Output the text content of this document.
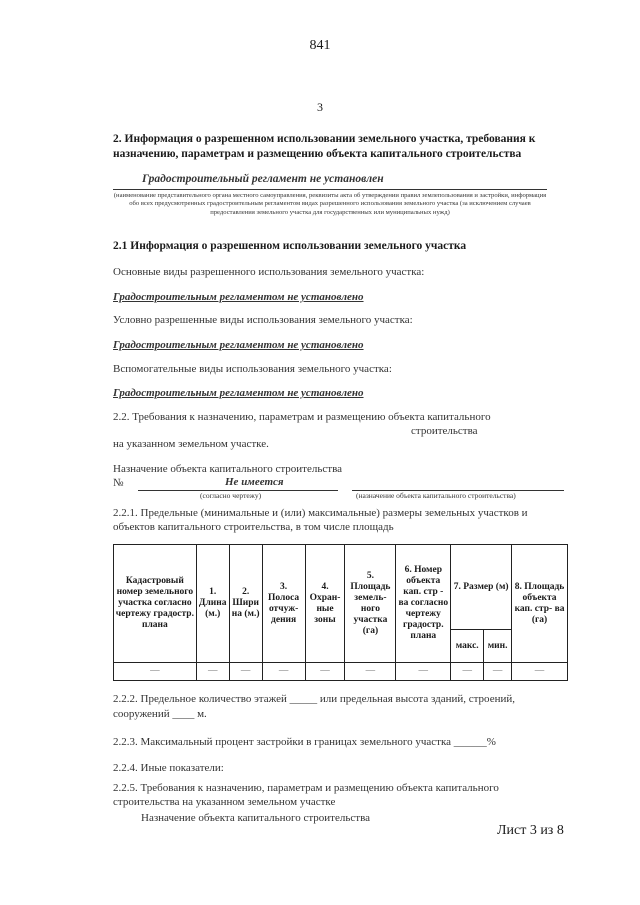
841
3
2. Информация о разрешенном использовании земельного участка, требования к назначению, параметрам и размещению объекта капитального строительства
Градостроительный регламент не установлен
(наименование представительного органа местного самоуправления, реквизиты акта об утверждении правил землепользования и застройки, информация обо всех предусмотренных градостроительным регламентом видах разрешенного использования земельного участка (за исключением случаев предоставления земельного участка для государственных или муниципальных нужд)
2.1 Информация о разрешенном использовании земельного участка
Основные виды разрешенного использования земельного участка:
Градостроительным регламентом не установлено
Условно разрешенные виды использования земельного участка:
Градостроительным регламентом не установлено
Вспомогательные виды использования земельного участка:
Градостроительным регламентом не установлено
2.2. Требования к назначению, параметрам и размещению объекта капитального
строительства
на указанном земельном участке.
Назначение объекта капитального строительства
№	Не имеется
(согласно чертежу)	(назначение объекта капитального строительства)
2.2.1. Предельные (минимальные и (или) максимальные) размеры земельных участков и объектов капитального строительства, в том числе площадь
Кадастровый номер земельного участка согласно чертежу градостр. плана	1. Длина (м.)	2. Шири на (м.)	3. Полоса отчуж- дения	4. Охран- ные зоны	5. Площадь земель- ного участка (га)	6. Номер объекта кап. стр - ва согласно чертежу градостр. плана	7. Размер (м)		8. Площадь объекта кап. стр- ва (га)
							макс.	мин.	
—	—	—	—	—	—	—	—	—	—
2.2.2. Предельное количество этажей _____ или предельная высота зданий, строений, сооружений ____ м.
2.2.3. Максимальный процент застройки в границах земельного участка ______%
2.2.4. Иные показатели:
2.2.5. Требования к назначению, параметрам и размещению объекта капитального строительства на указанном земельном участке
Назначение объекта капитального строительства
Лист 3 из 8
